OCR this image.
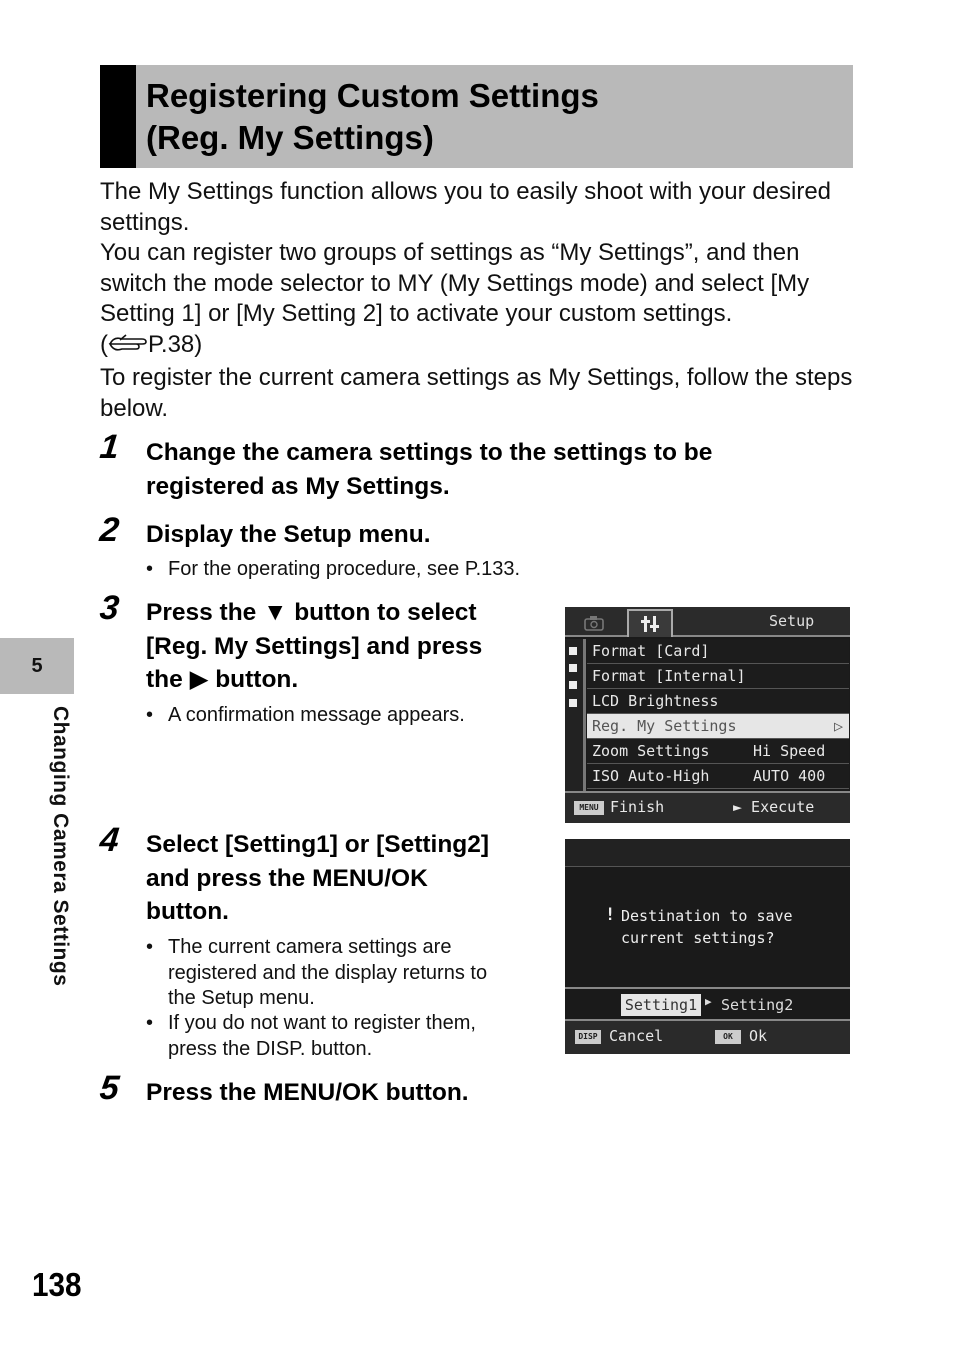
Registering Custom Settings
(Reg. My Settings)

The My Settings function allows you to easily shoot with your desired settings.

You can register two groups of settings as “My Settings”, and then switch the mode selector to MY (My Settings mode) and select [My Setting 1] or [My Setting 2] to activate your custom settings.
( P.38)

To register the current camera settings as My Settings, follow the steps below.

1 Change the camera settings to the settings to be
registered as My Settings.
2 Display the Setup menu.
• For the operating procedure, see P.133.
3 Press the ▼ button to select
[Reg. My Settings] and press
the ▶ button.
• A confirmation message appears.
4 Select [Setting1] or [Setting2]
and press the MENU/OK
button.
• The current camera settings are
registered and the display returns to
the Setup menu.
• If you do not want to register them,
press the DISP. button.
5 Press the MENU/OK button.
Setup
Format [Card]
Format [Internal]
LCD Brightness
Reg. My Settings	▷
Zoom Settings	Hi Speed
ISO Auto-High	AUTO 400
MENU Finish	► Execute
! Destination to save
current settings?
Setting1 ▶ Setting2
DISP Cancel	OK	Ok
5
Changing Camera Settings
138
